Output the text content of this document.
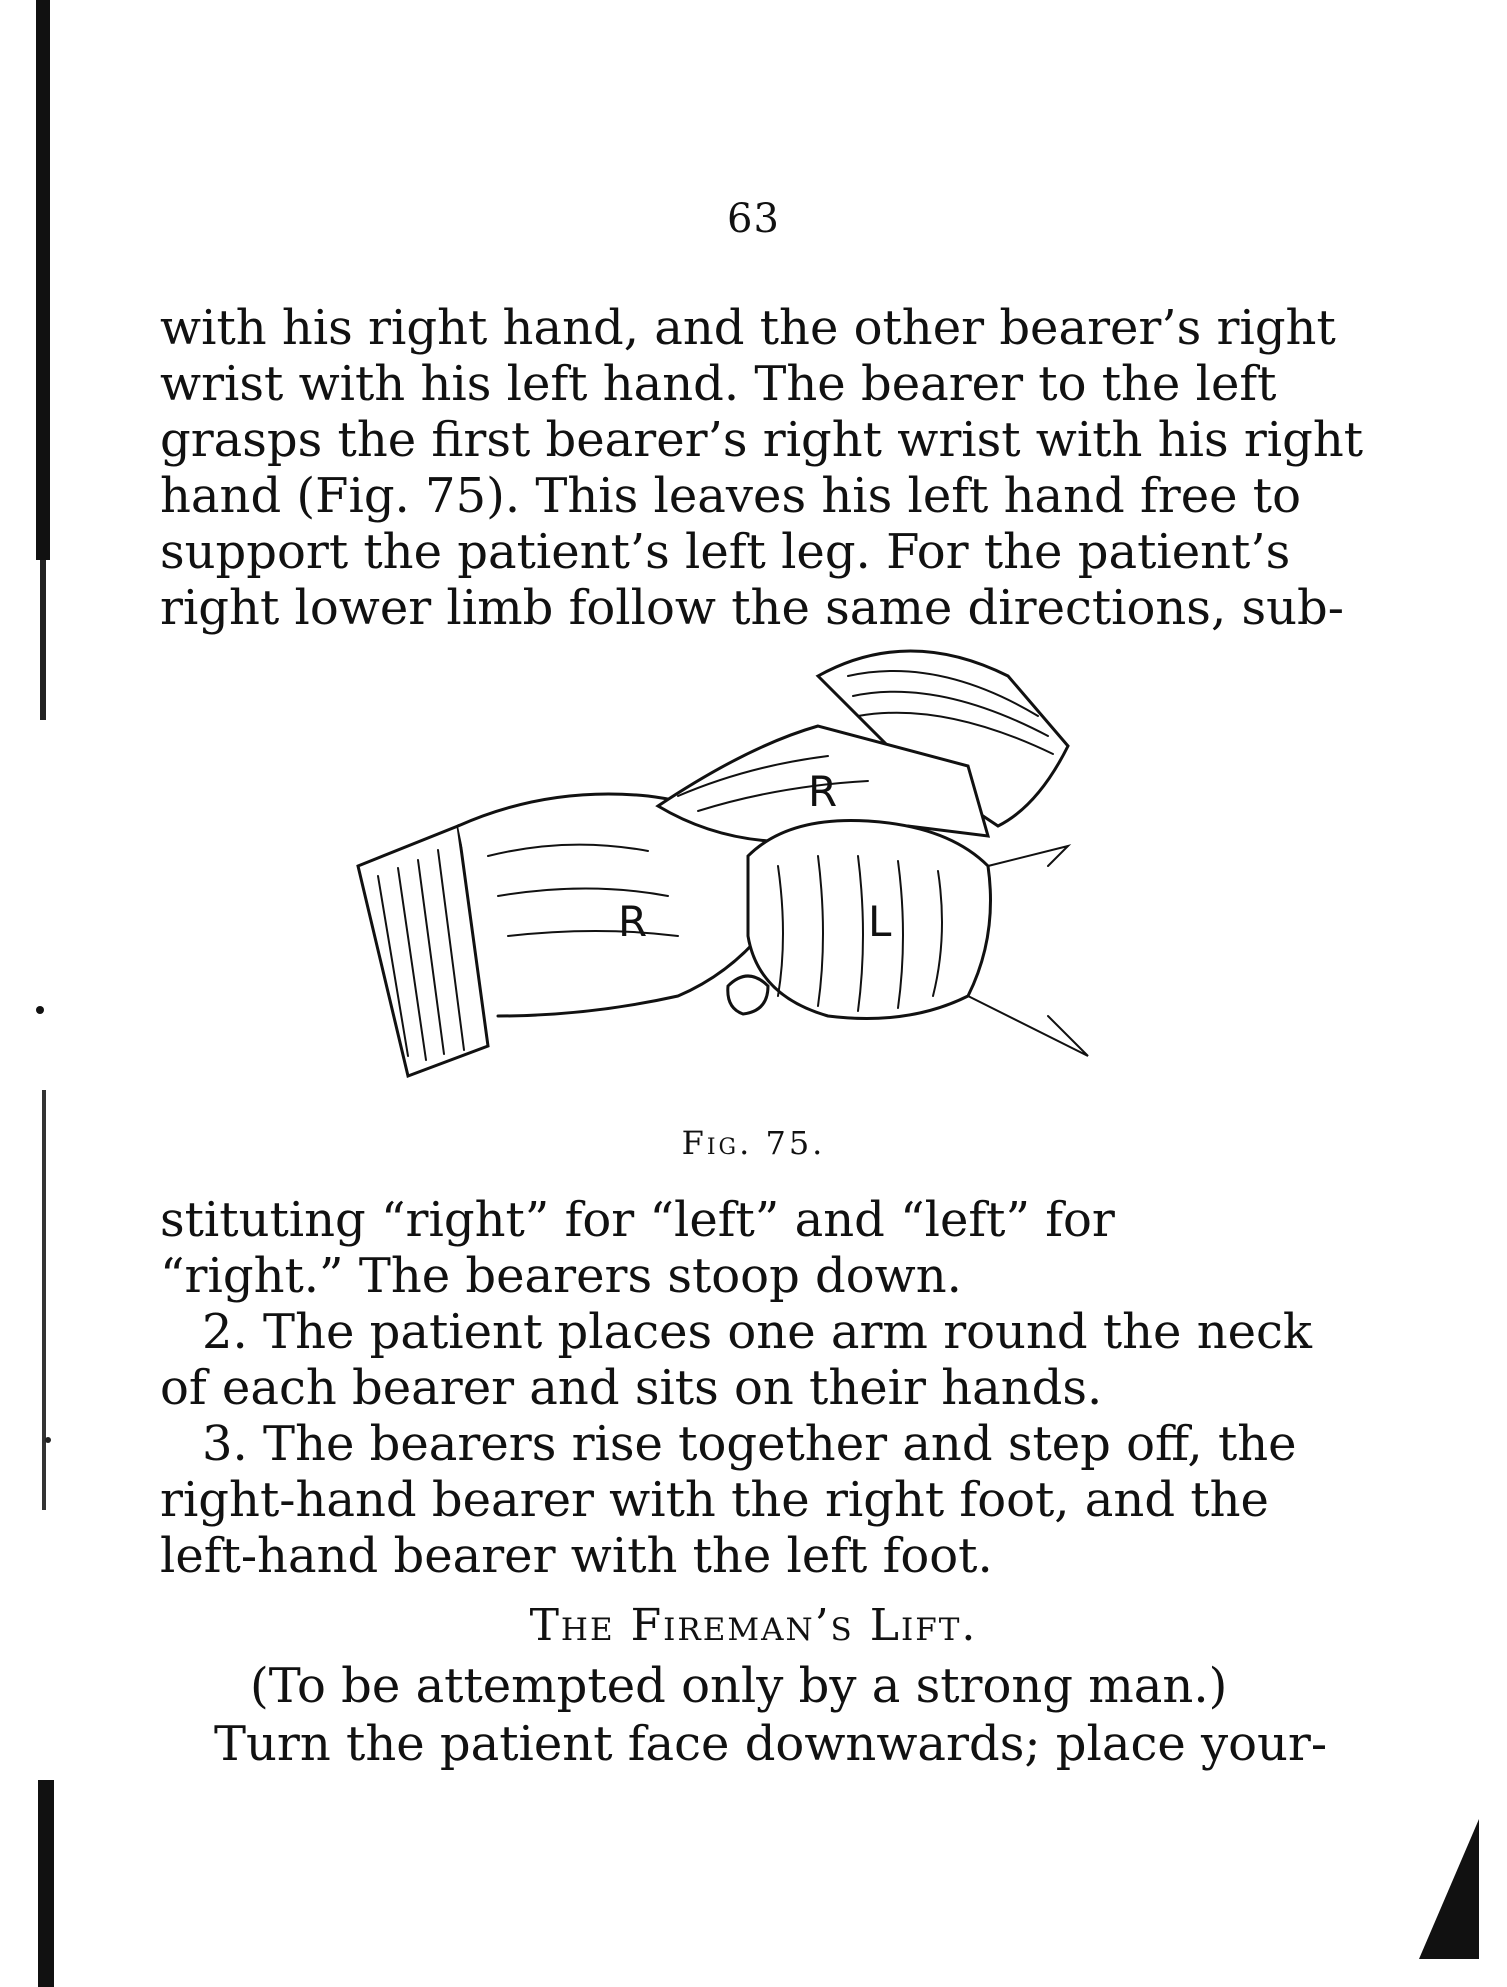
63
with his right hand, and the other bearer’s right
wrist with his left hand. The bearer to the left
grasps the first bearer’s right wrist with his right
hand (Fig. 75). This leaves his left hand free to
support the patient’s left leg. For the patient’s
right lower limb follow the same directions, sub-
R
R
L
Fig. 75.
stituting “right” for “left” and “left” for
“right.” The bearers stoop down.
2. The patient places one arm round the neck
of each bearer and sits on their hands.
3. The bearers rise together and step off, the
right-hand bearer with the right foot, and the
left-hand bearer with the left foot.
The Fireman’s Lift.
(To be attempted only by a strong man.)
Turn the patient face downwards; place your-
